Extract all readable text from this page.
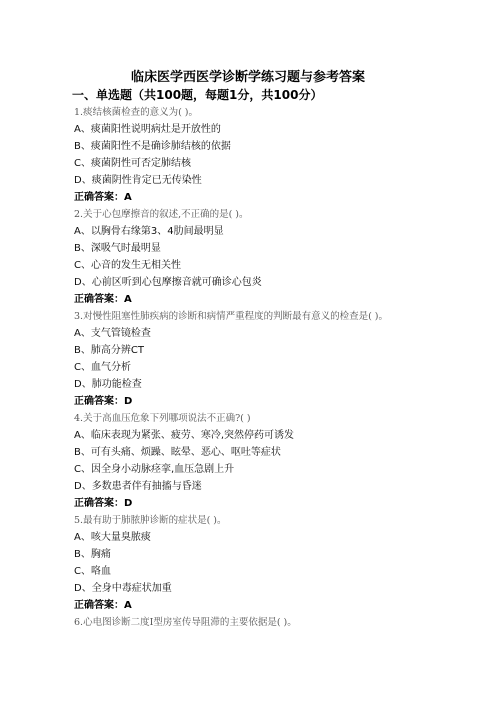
临床医学西医学诊断学练习题与参考答案
一、单选题（共100题，每题1分，共100分）
1.痰结核菌检查的意义为( )。
A、痰菌阳性说明病灶是开放性的
B、痰菌阳性不是确诊肺结核的依据
C、痰菌阴性可否定肺结核
D、痰菌阴性肯定已无传染性
正确答案：A
2.关于心包摩擦音的叙述,不正确的是( )。
A、以胸骨右缘第3、4肋间最明显
B、深吸气时最明显
C、心音的发生无相关性
D、心前区听到心包摩擦音就可确诊心包炎
正确答案：A
3.对慢性阻塞性肺疾病的诊断和病情严重程度的判断最有意义的检查是( )。
A、支气管镜检查
B、肺高分辨CT
C、血气分析
D、肺功能检查
正确答案：D
4.关于高血压危象下列哪项说法不正确?( )
A、临床表现为紧张、疲劳、寒冷,突然停药可诱发
B、可有头痛、烦躁、眩晕、恶心、呕吐等症状
C、因全身小动脉痉挛,血压急剧上升
D、多数患者伴有抽搐与昏迷
正确答案：D
5.最有助于肺脓肿诊断的症状是( )。
A、咳大量臭脓痰
B、胸痛
C、咯血
D、全身中毒症状加重
正确答案：A
6.心电图诊断二度Ⅰ型房室传导阻滞的主要依据是( )。
